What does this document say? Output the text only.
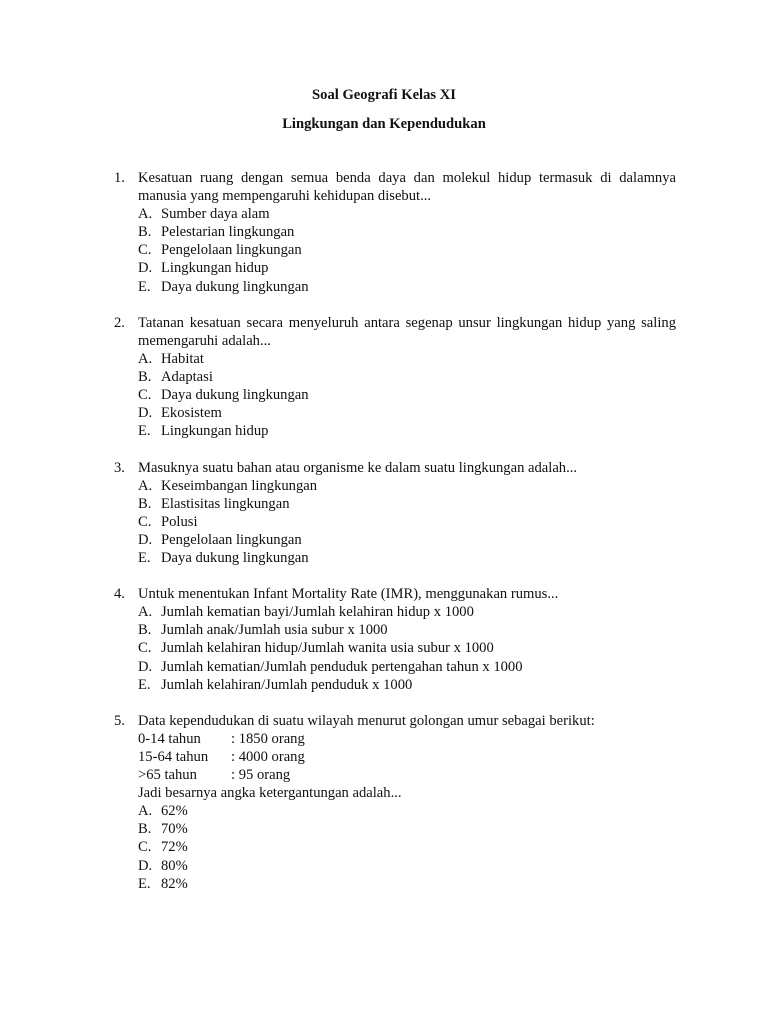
Soal Geografi Kelas XI
Lingkungan dan Kependudukan
1. Kesatuan ruang dengan semua benda daya dan molekul hidup termasuk di dalamnya manusia yang mempengaruhi kehidupan disebut...
A. Sumber daya alam
B. Pelestarian lingkungan
C. Pengelolaan lingkungan
D. Lingkungan hidup
E. Daya dukung lingkungan
2. Tatanan kesatuan secara menyeluruh antara segenap unsur lingkungan hidup yang saling memengaruhi adalah...
A. Habitat
B. Adaptasi
C. Daya dukung lingkungan
D. Ekosistem
E. Lingkungan hidup
3. Masuknya suatu bahan atau organisme ke dalam suatu lingkungan adalah...
A. Keseimbangan lingkungan
B. Elastisitas lingkungan
C. Polusi
D. Pengelolaan lingkungan
E. Daya dukung lingkungan
4. Untuk menentukan Infant Mortality Rate (IMR), menggunakan rumus...
A. Jumlah kematian bayi/Jumlah kelahiran hidup x 1000
B. Jumlah anak/Jumlah usia subur x 1000
C. Jumlah kelahiran hidup/Jumlah wanita usia subur x 1000
D. Jumlah kematian/Jumlah penduduk pertengahan tahun x 1000
E. Jumlah kelahiran/Jumlah penduduk x 1000
5. Data kependudukan di suatu wilayah menurut golongan umur sebagai berikut:
0-14 tahun	: 1850 orang
15-64 tahun	: 4000 orang
>65 tahun	: 95 orang
Jadi besarnya angka ketergantungan adalah...
A. 62%
B. 70%
C. 72%
D. 80%
E. 82%
